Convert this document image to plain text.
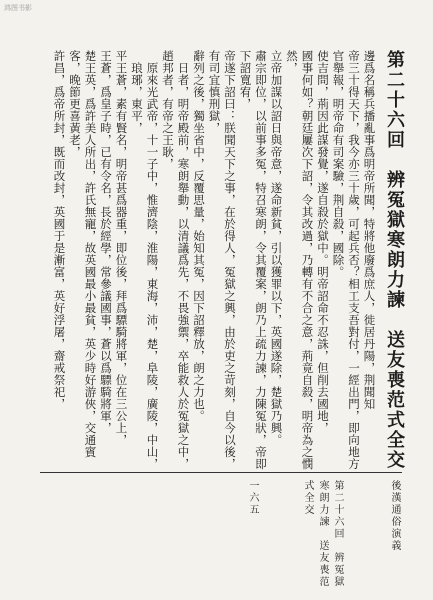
鸿图书影
第二十六回　辨冤獄寒朗力諫　送友喪范式全交

邊爲名稱兵播亂事爲明帝所聞，特將他廢爲庶人，徙居丹陽，荆聞知

帝三十得天下，我今亦三十歲，可起兵否？相工支吾對付，一經出門，即向地方官舉報，明帝命有司案驗，荆自殺，國除。

使吉問，荊因此謀發覺，遂自殺於獄中。明帝詔命不忍誅，但削去國地，

國事何如？朝廷屢次下詔，令其改過，乃轉有不合之意，荊竟自殺，明帝為之憫然，

立帝加謀以詔日與帝意，遂命新貧，引以獲罪以下，英國遂除，楚獄乃興。

肅宗即位，以前事多冤，特召寒朗，令其覆案，朗乃上疏力諫，力陳冤狀，帝即下詔寬宥，

帝遂下詔曰：朕聞天下之事，在於得人，冤獄之興，由於吏之苛刻，自今以後，有司宜慎刑獄，

辭列之後，獨坐省中，反覆思量，始知其冤，因下詔釋放，朗之力也。

日者，明帝殿前，寒朗舉動，以清議爲先，不畏強禦，卒能救人於冤獄之中，

趙邦者，有帝之王耿，

原來光武帝，十一子中，惟濟陰，淮陽，東海，沛，楚，阜陵，廣陵，中山，琅琊，東平，

平王蒼，素有賢名，明帝甚爲器重，即位後，拜爲驃騎將軍，位在三公上，

王蒼，爲皇子時，已有令名，長於經學，常參議國事，蒼以爲驃騎將軍，

楚王英，爲許美人所出，許氏無寵，故英國最小最貧，英少時好游俠，交通賓客，晚節更喜黃老，

許昌，爲帝所封，既而改封，英國于是漸富，英好浮屠，齋戒祭祀，

後漢通俗演義
第二十六回　辨冤獄寒朗力諫　送友喪范式全交
一六五
